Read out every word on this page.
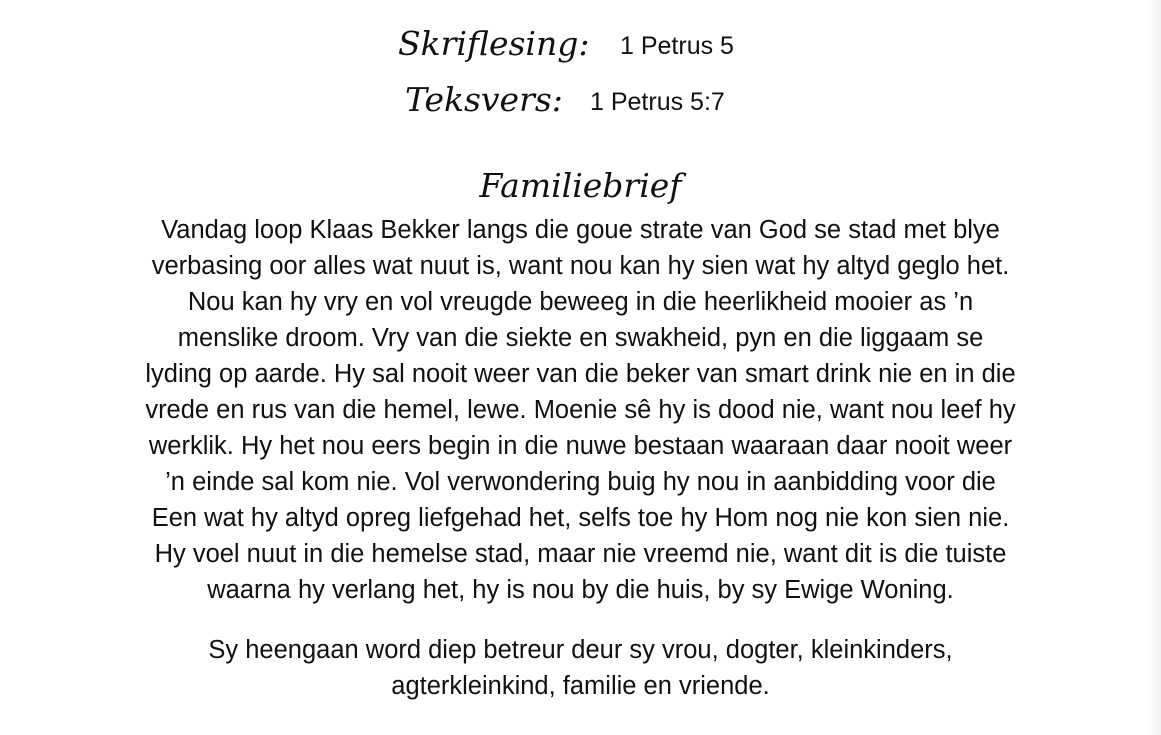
Skriflesing: 1 Petrus 5
Teksvers: 1 Petrus 5:7
Familiebrief
Vandag loop Klaas Bekker langs die goue strate van God se stad met blye
verbasing oor alles wat nuut is, want nou kan hy sien wat hy altyd geglo het.
Nou kan hy vry en vol vreugde beweeg in die heerlikheid mooier as ’n
menslike droom. Vry van die siekte en swakheid, pyn en die liggaam se
lyding op aarde. Hy sal nooit weer van die beker van smart drink nie en in die
vrede en rus van die hemel, lewe. Moenie sê hy is dood nie, want nou leef hy
werklik. Hy het nou eers begin in die nuwe bestaan waaraan daar nooit weer
’n einde sal kom nie. Vol verwondering buig hy nou in aanbidding voor die
Een wat hy altyd opreg liefgehad het, selfs toe hy Hom nog nie kon sien nie.
Hy voel nuut in die hemelse stad, maar nie vreemd nie, want dit is die tuiste
waarna hy verlang het, hy is nou by die huis, by sy Ewige Woning.
Sy heengaan word diep betreur deur sy vrou, dogter, kleinkinders,
agterkleinkind, familie en vriende.
